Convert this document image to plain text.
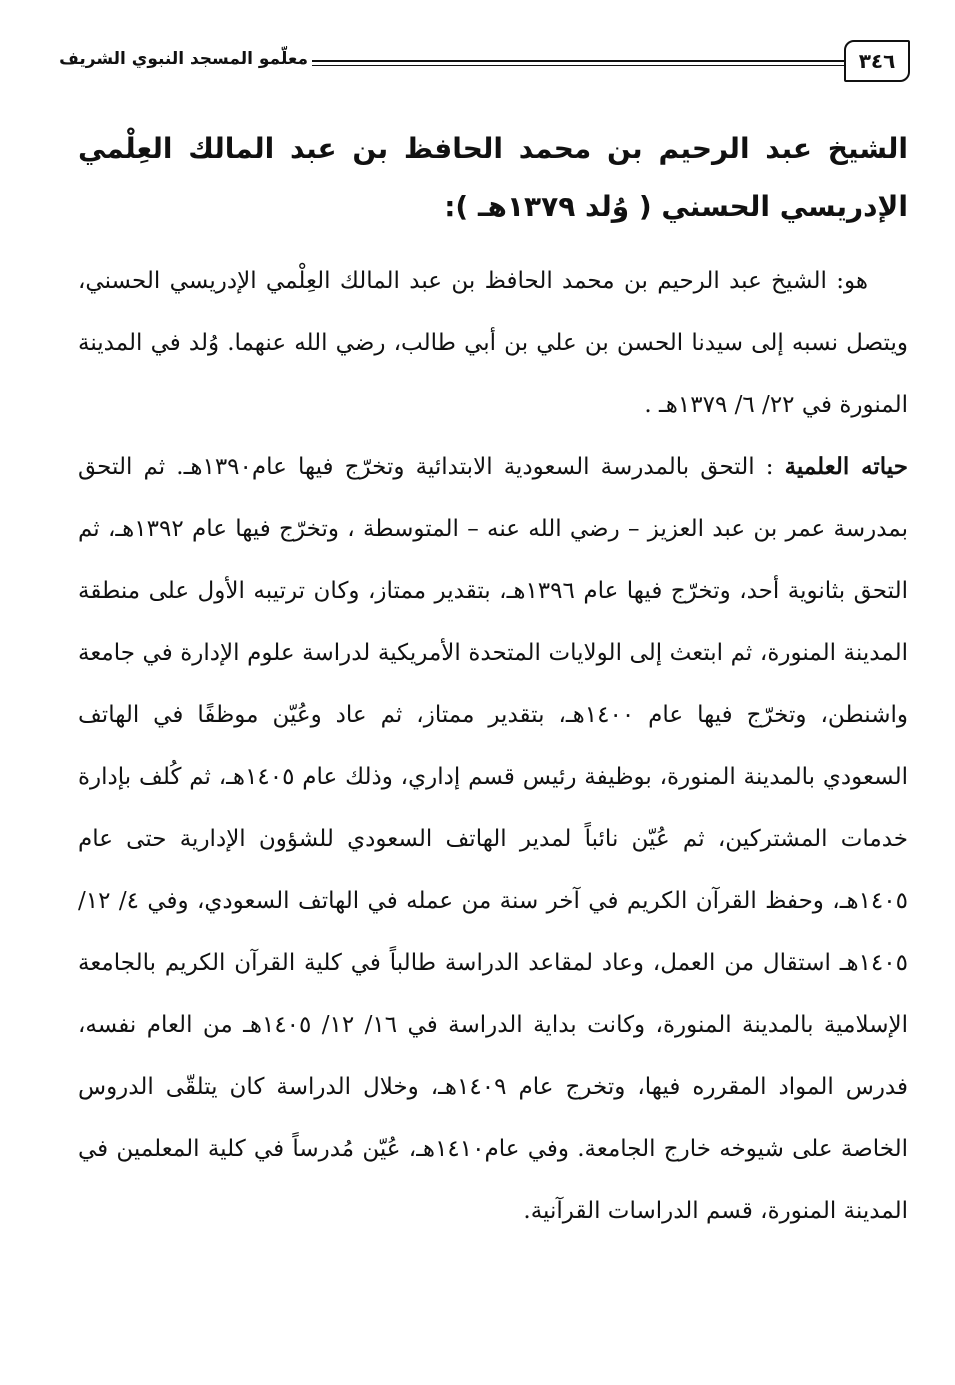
٣٤٦
معلّمو المسجد النبوي الشريف

الشيخ عبد الرحيم بن محمد الحافظ بن عبد المالك العِلْمي الإدريسي الحسني ( وُلد ١٣٧٩هـ ):

هو: الشيخ عبد الرحيم بن محمد الحافظ بن عبد المالك العِلْمي الإدريسي الحسني، ويتصل نسبه إلى سيدنا الحسن بن علي بن أبي طالب، رضي الله عنهما. وُلد في المدينة المنورة في ٢٢/ ٦/ ١٣٧٩هـ .

حياته العلمية : التحق بالمدرسة السعودية الابتدائية وتخرّج فيها عام١٣٩٠هـ. ثم التحق بمدرسة عمر بن عبد العزيز – رضي الله عنه – المتوسطة ، وتخرّج فيها عام ١٣٩٢هـ، ثم التحق بثانوية أحد، وتخرّج فيها عام ١٣٩٦هـ، بتقدير ممتاز، وكان ترتيبه الأول على منطقة المدينة المنورة، ثم ابتعث إلى الولايات المتحدة الأمريكية لدراسة علوم الإدارة في جامعة واشنطن، وتخرّج فيها عام ١٤٠٠هـ، بتقدير ممتاز، ثم عاد وعُيّن موظفًا في الهاتف السعودي بالمدينة المنورة، بوظيفة رئيس قسم إداري، وذلك عام ١٤٠٥هـ، ثم كُلف بإدارة خدمات المشتركين، ثم عُيّن نائباً لمدير الهاتف السعودي للشؤون الإدارية حتى عام ١٤٠٥هـ، وحفظ القرآن الكريم في آخر سنة من عمله في الهاتف السعودي، وفي ٤/ ١٢/ ١٤٠٥هـ استقال من العمل، وعاد لمقاعد الدراسة طالباً في كلية القرآن الكريم بالجامعة الإسلامية بالمدينة المنورة، وكانت بداية الدراسة في ١٦/ ١٢/ ١٤٠٥هـ من العام نفسه، فدرس المواد المقرره فيها، وتخرج عام ١٤٠٩هـ، وخلال الدراسة كان يتلقّى الدروس الخاصة على شيوخه خارج الجامعة. وفي عام١٤١٠هـ، عُيّن مُدرساً في كلية المعلمين في المدينة المنورة، قسم الدراسات القرآنية.
